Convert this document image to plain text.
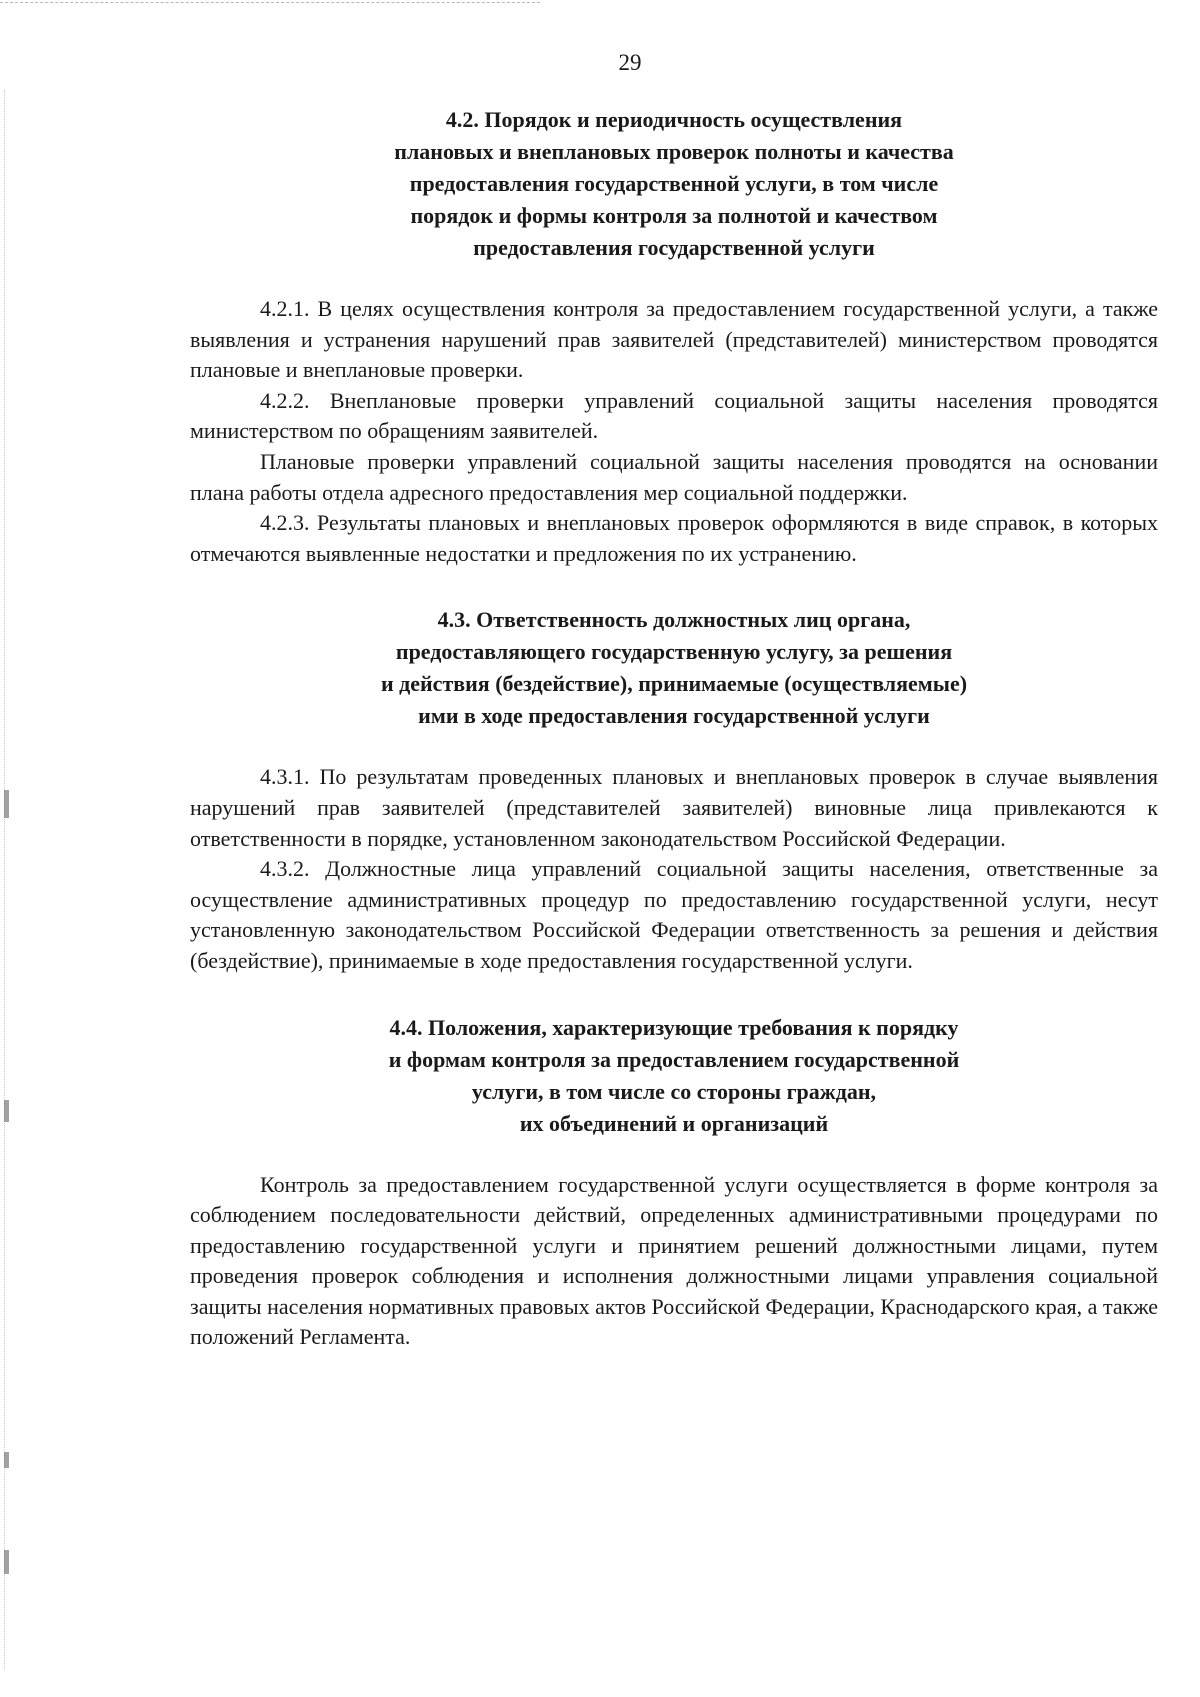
29
4.2. Порядок и периодичность осуществления
плановых и внеплановых проверок полноты и качества
предоставления государственной услуги, в том числе
порядок и формы контроля за полнотой и качеством
предоставления государственной услуги

4.2.1. В целях осуществления контроля за предоставлением государственной услуги, а также выявления и устранения нарушений прав заявителей (представителей) министерством проводятся плановые и внеплановые проверки.

4.2.2. Внеплановые проверки управлений социальной защиты населения проводятся министерством по обращениям заявителей.

Плановые проверки управлений социальной защиты населения проводятся на основании плана работы отдела адресного предоставления мер социальной поддержки.

4.2.3. Результаты плановых и внеплановых проверок оформляются в виде справок, в которых отмечаются выявленные недостатки и предложения по их устранению.

4.3. Ответственность должностных лиц органа,
предоставляющего государственную услугу, за решения
и действия (бездействие), принимаемые (осуществляемые)
ими в ходе предоставления государственной услуги

4.3.1. По результатам проведенных плановых и внеплановых проверок в случае выявления нарушений прав заявителей (представителей заявителей) виновные лица привлекаются к ответственности в порядке, установленном законодательством Российской Федерации.

4.3.2. Должностные лица управлений социальной защиты населения, ответственные за осуществление административных процедур по предоставлению государственной услуги, несут установленную законодательством Российской Федерации ответственность за решения и действия (бездействие), принимаемые в ходе предоставления государственной услуги.

4.4. Положения, характеризующие требования к порядку
и формам контроля за предоставлением государственной
услуги, в том числе со стороны граждан,
их объединений и организаций

Контроль за предоставлением государственной услуги осуществляется в форме контроля за соблюдением последовательности действий, определенных административными процедурами по предоставлению государственной услуги и принятием решений должностными лицами, путем проведения проверок соблюдения и исполнения должностными лицами управления социальной защиты населения нормативных правовых актов Российской Федерации, Краснодарского края, а также положений Регламента.
